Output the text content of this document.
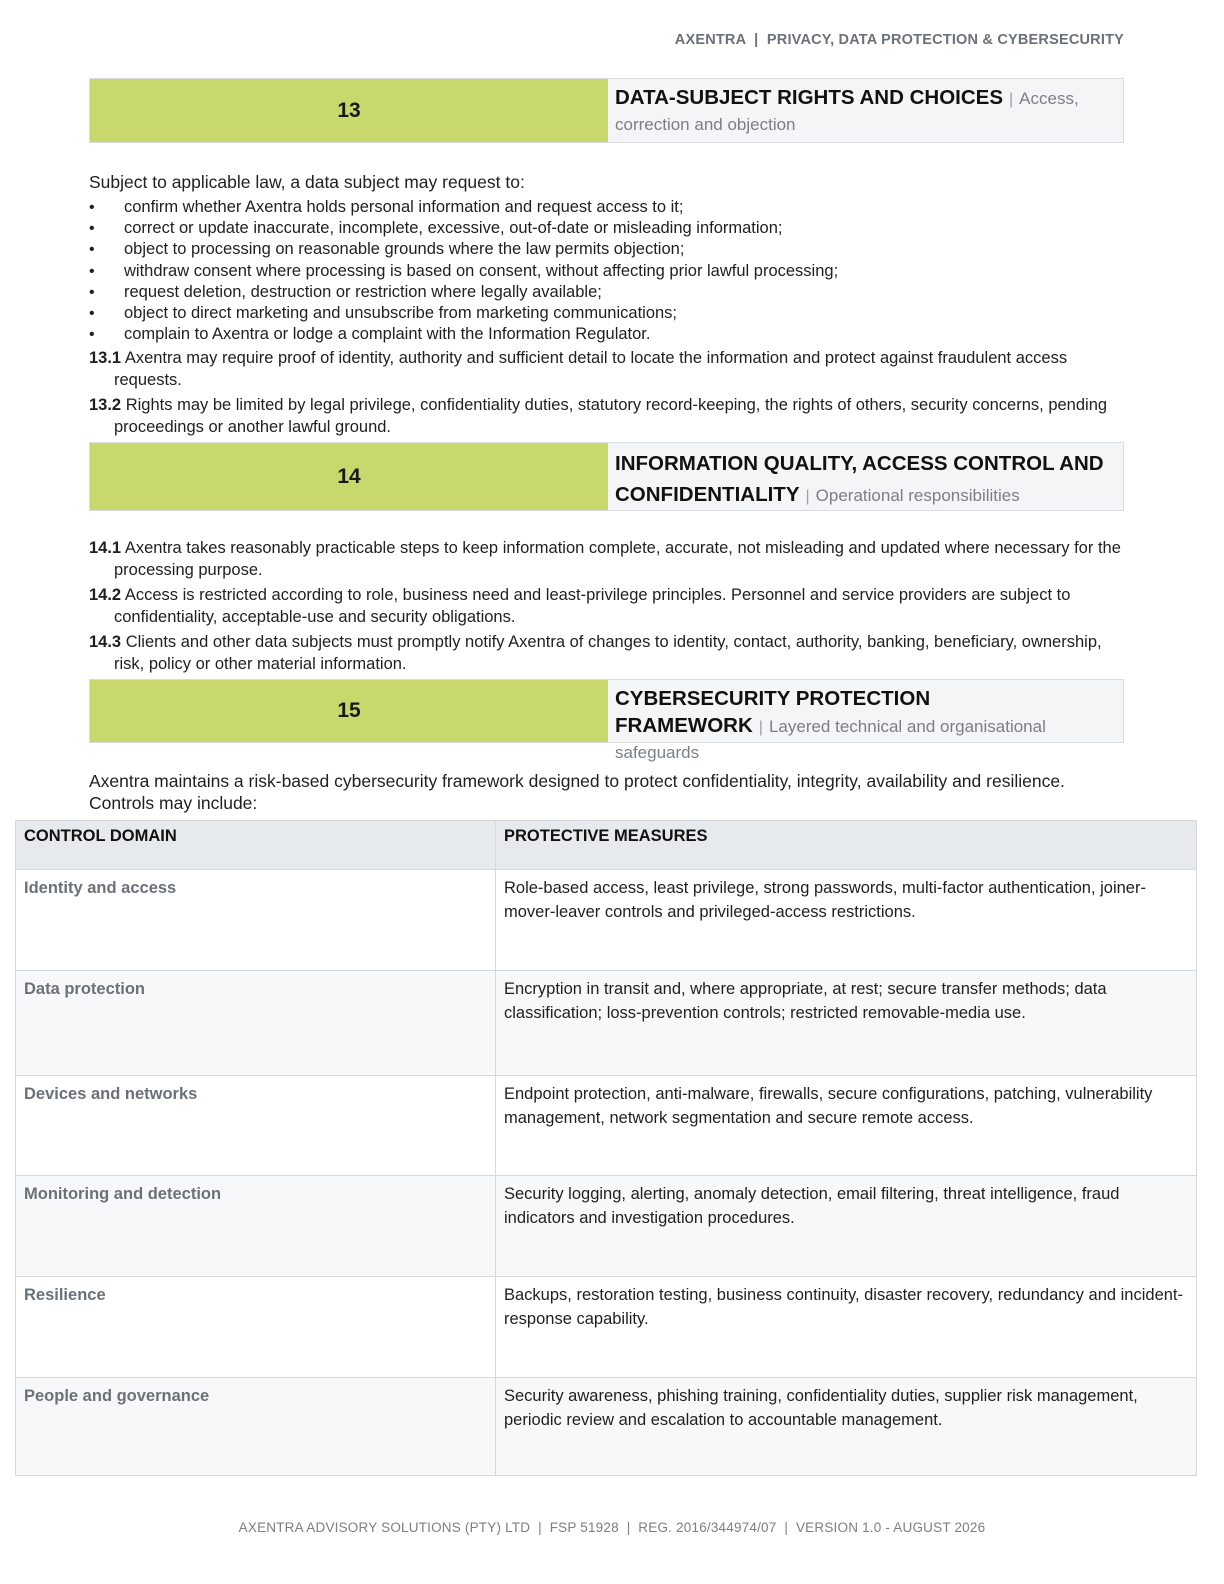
AXENTRA  |  PRIVACY, DATA PROTECTION & CYBERSECURITY
13
DATA-SUBJECT RIGHTS AND CHOICES | Access, correction and objection
Subject to applicable law, a data subject may request to:
• confirm whether Axentra holds personal information and request access to it;
• correct or update inaccurate, incomplete, excessive, out-of-date or misleading information;
• object to processing on reasonable grounds where the law permits objection;
• withdraw consent where processing is based on consent, without affecting prior lawful processing;
• request deletion, destruction or restriction where legally available;
• object to direct marketing and unsubscribe from marketing communications;
• complain to Axentra or lodge a complaint with the Information Regulator.
13.1 Axentra may require proof of identity, authority and sufficient detail to locate the information and protect against fraudulent access requests.
13.2 Rights may be limited by legal privilege, confidentiality duties, statutory record-keeping, the rights of others, security concerns, pending proceedings or another lawful ground.
14
INFORMATION QUALITY, ACCESS CONTROL AND CONFIDENTIALITY | Operational responsibilities
14.1 Axentra takes reasonably practicable steps to keep information complete, accurate, not misleading and updated where necessary for the processing purpose.
14.2 Access is restricted according to role, business need and least-privilege principles. Personnel and service providers are subject to confidentiality, acceptable-use and security obligations.
14.3 Clients and other data subjects must promptly notify Axentra of changes to identity, contact, authority, banking, beneficiary, ownership, risk, policy or other material information.
15
CYBERSECURITY PROTECTION FRAMEWORK | Layered technical and organisational safeguards
Axentra maintains a risk-based cybersecurity framework designed to protect confidentiality, integrity, availability and resilience. Controls may include:
CONTROL DOMAIN	PROTECTIVE MEASURES
Identity and access	Role-based access, least privilege, strong passwords, multi-factor authentication, joiner-mover-leaver controls and privileged-access restrictions.
Data protection	Encryption in transit and, where appropriate, at rest; secure transfer methods; data classification; loss-prevention controls; restricted removable-media use.
Devices and networks	Endpoint protection, anti-malware, firewalls, secure configurations, patching, vulnerability management, network segmentation and secure remote access.
Monitoring and detection	Security logging, alerting, anomaly detection, email filtering, threat intelligence, fraud indicators and investigation procedures.
Resilience	Backups, restoration testing, business continuity, disaster recovery, redundancy and incident-response capability.
People and governance	Security awareness, phishing training, confidentiality duties, supplier risk management, periodic review and escalation to accountable management.
AXENTRA ADVISORY SOLUTIONS (PTY) LTD  |  FSP 51928  |  REG. 2016/344974/07  |  VERSION 1.0 - AUGUST 2026
